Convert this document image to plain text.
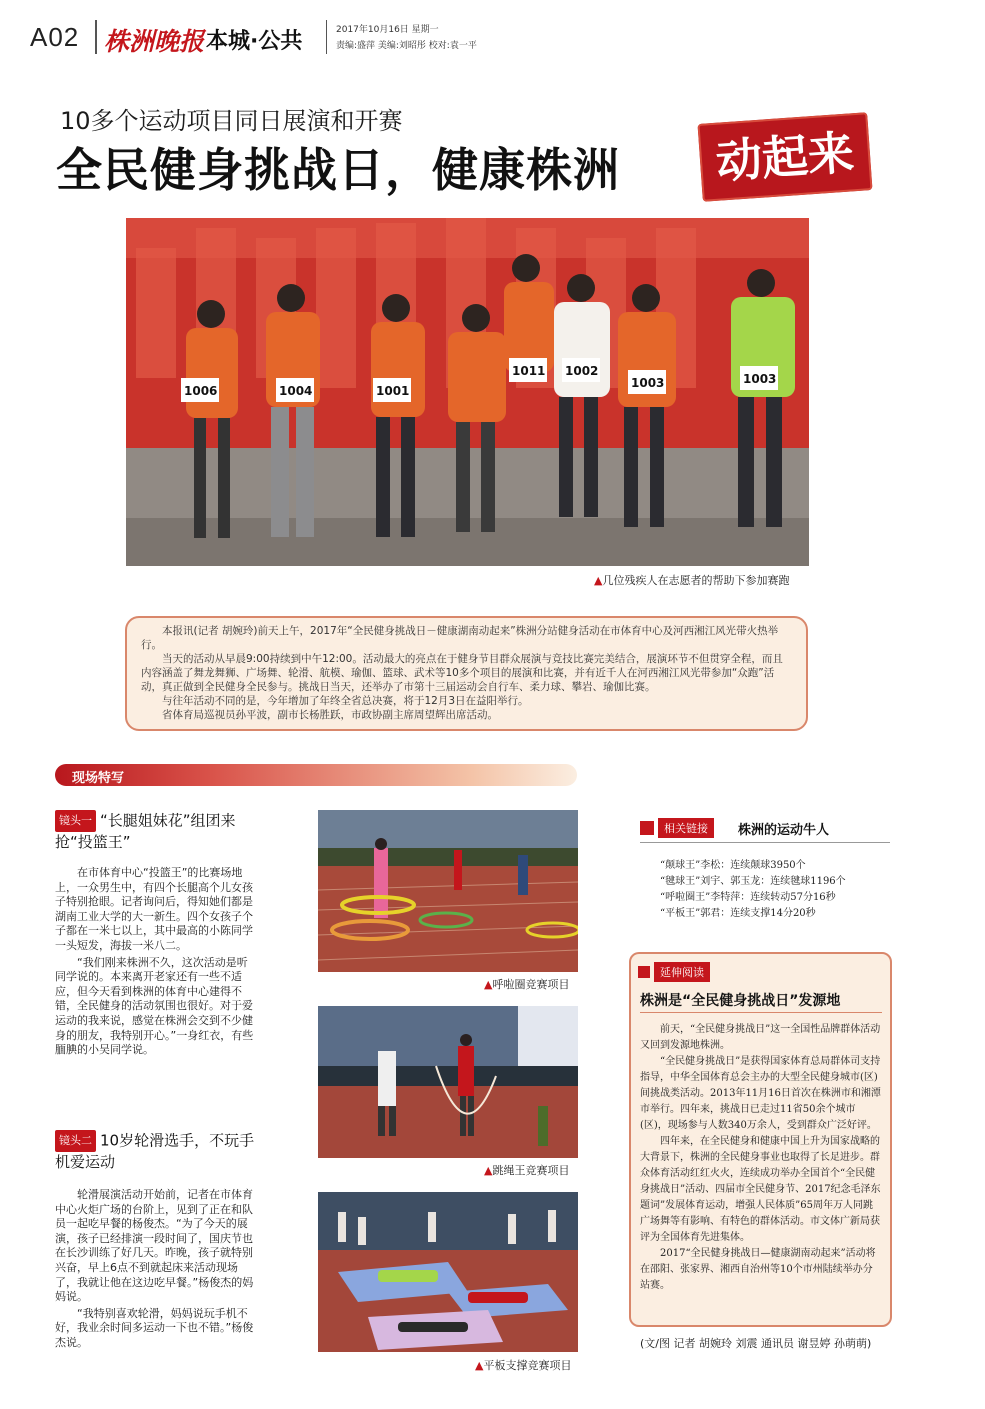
A02 株洲晚报 本城·公共	2017年10月16日 星期一
责编:盛萍 美编:刘昭彤 校对:袁一平
10多个运动项目同日展演和开赛
全民健身挑战日，健康株洲	动起来
1006	1004	1001
1011 1002
1003	1003
▲几位残疾人在志愿者的帮助下参加赛跑

本报讯(记者 胡婉玲)前天上午，2017年“全民健身挑战日－健康湖南动起来”株洲分站健身活动在市体育中心及河西湘江风光带火热举行。

当天的活动从早晨9:00持续到中午12:00。活动最大的亮点在于健身节目群众展演与竞技比赛完美结合，展演环节不但贯穿全程，而且内容涵盖了舞龙舞狮、广场舞、轮滑、航模、瑜伽、篮球、武术等10多个项目的展演和比赛，并有近千人在河西湘江风光带参加“众跑”活动，真正做到全民健身全民参与。挑战日当天，还举办了市第十三届运动会自行车、柔力球、攀岩、瑜伽比赛。

与往年活动不同的是，今年增加了年终全省总决赛，将于12月3日在益阳举行。

省体育局巡视员孙平波，副市长杨胜跃，市政协副主席周望辉出席活动。

现场特写
镜头一 “长腿姐妹花”组团来抢“投篮王”

在市体育中心“投篮王”的比赛场地上，一众男生中，有四个长腿高个儿女孩子特别抢眼。记者询问后，得知她们都是湖南工业大学的大一新生。四个女孩子个子都在一米七以上，其中最高的小陈同学一头短发，海拔一米八二。

“我们刚来株洲不久，这次活动是听同学说的。本来离开老家还有一些不适应，但今天看到株洲的体育中心建得不错，全民健身的活动氛围也很好。对于爱运动的我来说，感觉在株洲会交到不少健身的朋友，我特别开心。”一身红衣，有些腼腆的小吴同学说。

镜头二 10岁轮滑选手，不玩手机爱运动

轮滑展演活动开始前，记者在市体育中心火炬广场的台阶上，见到了正在和队员一起吃早餐的杨俊杰。“为了今天的展演，孩子已经排演一段时间了，国庆节也在长沙训练了好几天。昨晚，孩子就特别兴奋，早上6点不到就起床来活动现场了，我就让他在这边吃早餐。”杨俊杰的妈妈说。

“我特别喜欢轮滑，妈妈说玩手机不好，我业余时间多运动一下也不错。”杨俊杰说。

▲呼啦圈竞赛项目
▲跳绳王竞赛项目
▲平板支撑竞赛项目
相关链接	株洲的运动牛人
“颠球王”李松：连续颠球3950个
“毽球王”刘宇、郭玉龙：连续毽球1196个
“呼啦圈王”李特萍：连续转动57分16秒
“平板王”郭君：连续支撑14分20秒
延伸阅读
株洲是“全民健身挑战日”发源地

前天，“全民健身挑战日”这一全国性品牌群体活动又回到发源地株洲。

“全民健身挑战日”是获得国家体育总局群体司支持指导，中华全国体育总会主办的大型全民健身城市(区)间挑战类活动。2013年11月16日首次在株洲市和湘潭市举行。四年来，挑战日已走过11省50余个城市(区)，现场参与人数340万余人，受到群众广泛好评。

四年来，在全民健身和健康中国上升为国家战略的大背景下，株洲的全民健身事业也取得了长足进步。群众体育活动红红火火，连续成功举办全国首个“全民健身挑战日”活动、四届市全民健身节、2017纪念毛泽东题词”发展体育运动，增强人民体质”65周年万人同跳广场舞等有影响、有特色的群体活动。市文体广新局获评为全国体育先进集体。

2017“全民健身挑战日—健康湖南动起来”活动将在邵阳、张家界、湘西自治州等10个市州陆续举办分站赛。

(文/图 记者 胡婉玲 刘震 通讯员 谢昱婷 孙萌萌)
